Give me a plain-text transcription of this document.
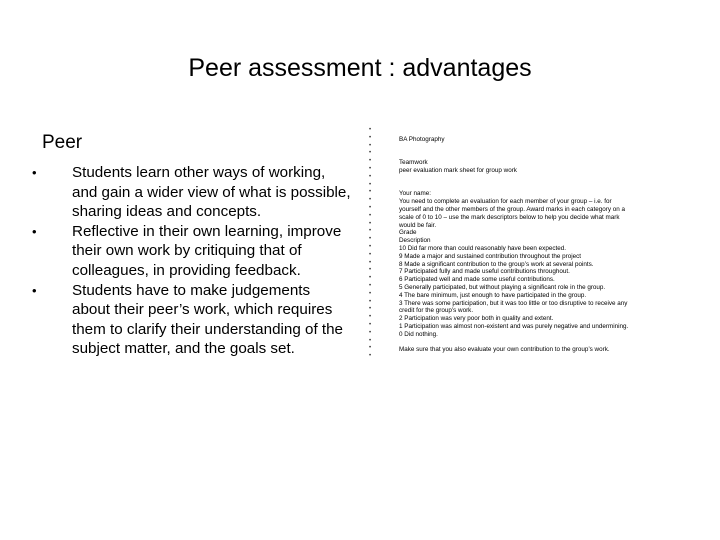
Peer assessment : advantages
Peer
• Students learn other ways of working, and gain a wider view of what is possible, sharing ideas and concepts.
• Reflective in their own learning, improve their own work by critiquing that of colleagues, in providing feedback.
• Students have to make judgements about their peer’s work, which requires them to clarify their understanding of the subject matter, and the goals set.
•
•	BA Photography
•
•
•	Teamwork
•	peer evaluation mark sheet for group work
•
•
•	Your name:
•	You need to complete an evaluation for each member of your group – i.e. for
•	yourself and the other members of the group. Award marks in each category on a
•	scale of 0 to 10 – use the mark descriptors below to help you decide what mark
•	would be fair.
•	Grade
•	Description
•	10 Did far more than could reasonably have been expected.
•	9 Made a major and sustained contribution throughout the project
•	8 Made a significant contribution to the group’s work at several points.
•	7 Participated fully and made useful contributions throughout.
•	6 Participated well and made some useful contributions.
•	5 Generally participated, but without playing a significant role in the group.
•	4 The bare minimum, just enough to have participated in the group.
•	3 There was some participation, but it was too little or too disruptive to receive any
•	credit for the group’s work.
•	2 Participation was very poor both in quality and extent.
•	1 Participation was almost non-existent and was purely negative and undermining.
•	0 Did nothing.
•
•	Make sure that you also evaluate your own contribution to the group’s work.
•
